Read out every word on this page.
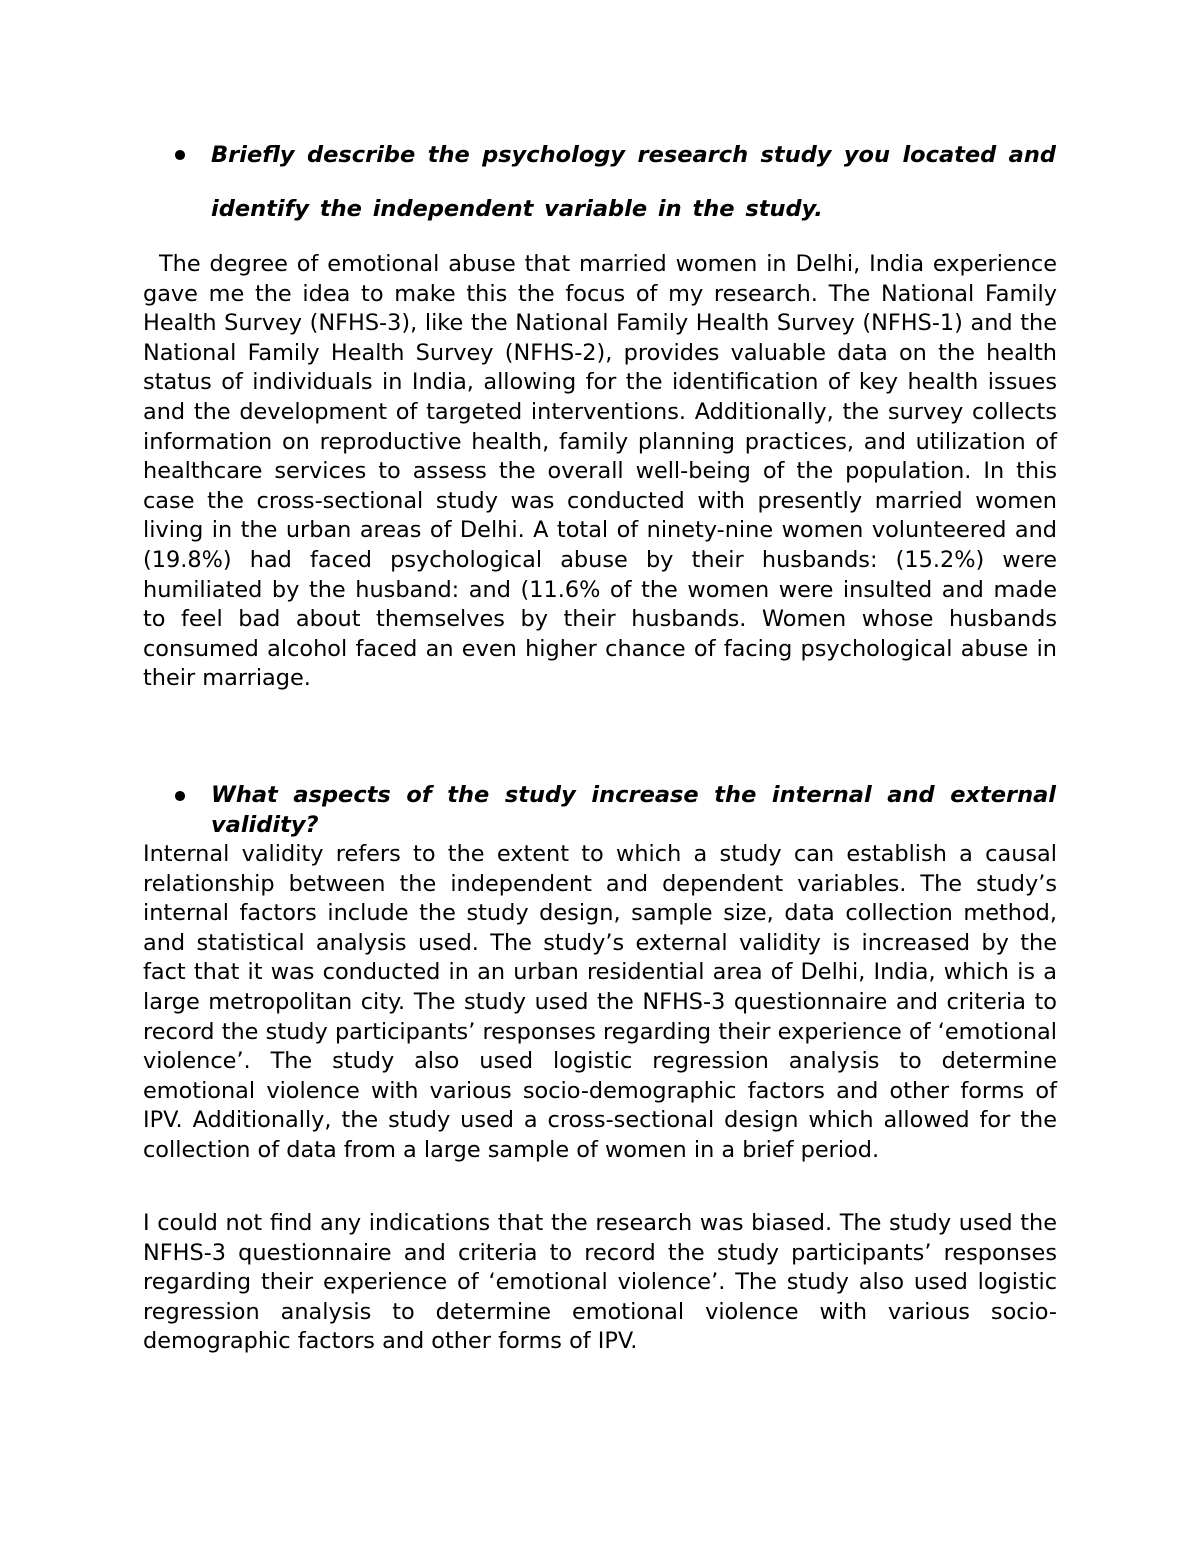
Briefly describe the psychology research study you located and identify the independent variable in the study.

The degree of emotional abuse that married women in Delhi, India experience gave me the idea to make this the focus of my research. The National Family Health Survey (NFHS-3), like the National Family Health Survey (NFHS-1) and the National Family Health Survey (NFHS-2), provides valuable data on the health status of individuals in India, allowing for the identification of key health issues and the development of targeted interventions. Additionally, the survey collects information on reproductive health, family planning practices, and utilization of healthcare services to assess the overall well-being of the population. In this case the cross-sectional study was conducted with presently married women living in the urban areas of Delhi. A total of ninety-nine women volunteered and (19.8%) had faced psychological abuse by their husbands: (15.2%) were humiliated by the husband: and (11.6% of the women were insulted and made to feel bad about themselves by their husbands. Women whose husbands consumed alcohol faced an even higher chance of facing psychological abuse in their marriage.

What aspects of the study increase the internal and external validity?

Internal validity refers to the extent to which a study can establish a causal relationship between the independent and dependent variables. The study’s internal factors include the study design, sample size, data collection method, and statistical analysis used. The study’s external validity is increased by the fact that it was conducted in an urban residential area of Delhi, India, which is a large metropolitan city. The study used the NFHS-3 questionnaire and criteria to record the study participants’ responses regarding their experience of ‘emotional violence’. The study also used logistic regression analysis to determine emotional violence with various socio-demographic factors and other forms of IPV. Additionally, the study used a cross-sectional design which allowed for the collection of data from a large sample of women in a brief period.

I could not find any indications that the research was biased. The study used the NFHS-3 questionnaire and criteria to record the study participants’ responses regarding their experience of ‘emotional violence’. The study also used logistic regression analysis to determine emotional violence with various socio-demographic factors and other forms of IPV.
